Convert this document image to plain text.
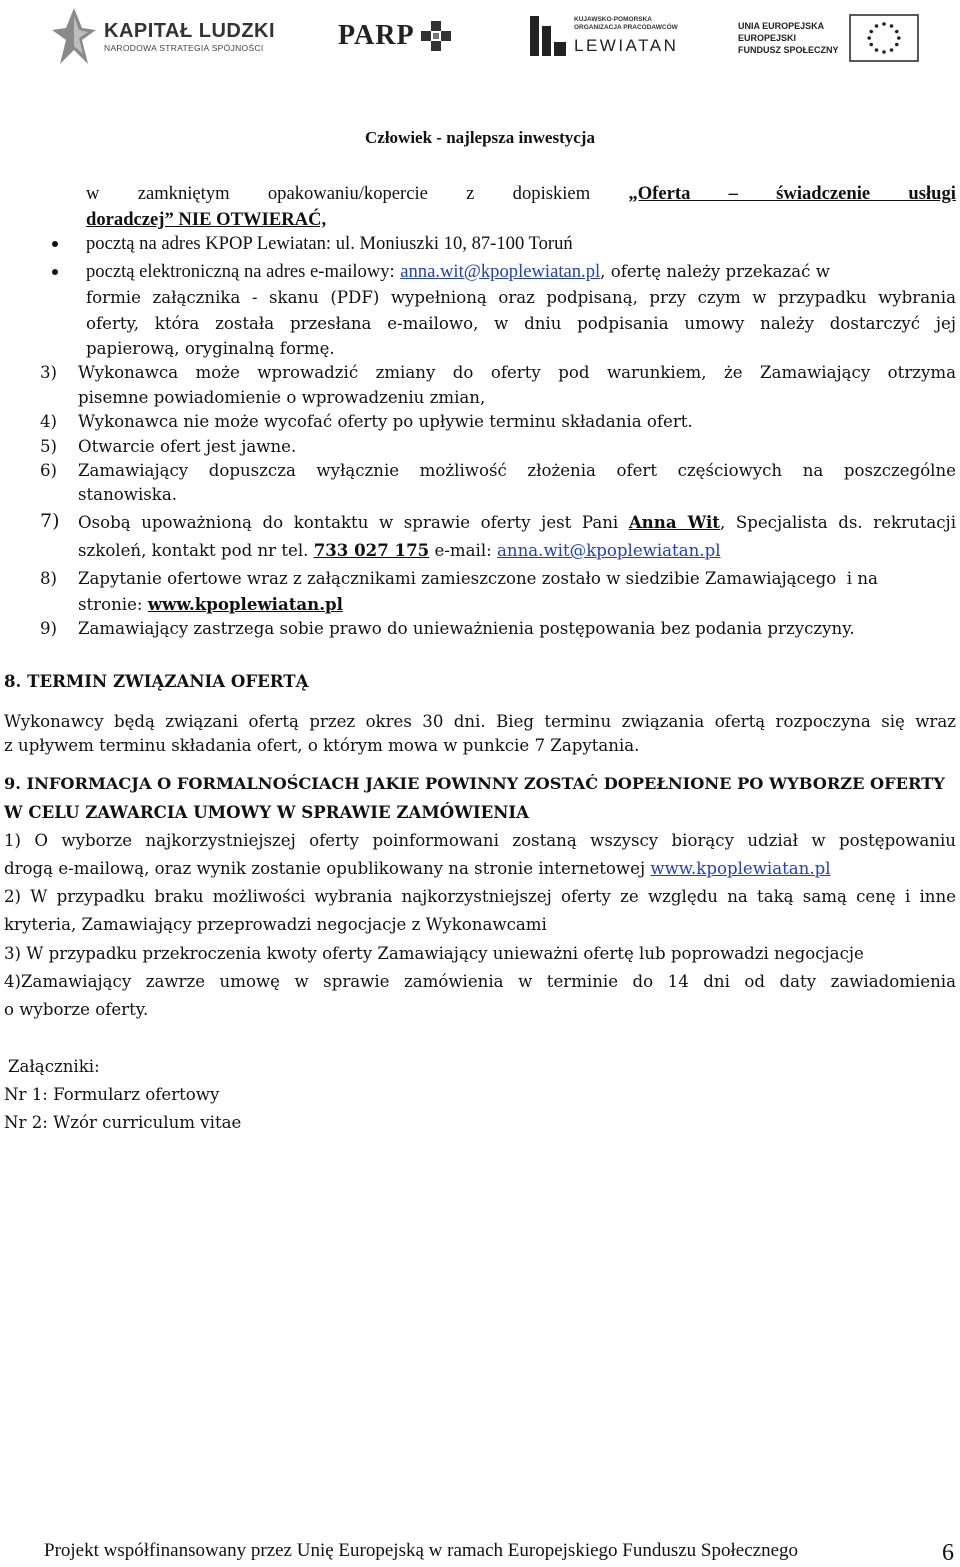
KAPITAŁ LUDZKI
NARODOWA STRATEGIA SPÓJNOŚCI	PARP
KUJAWSKO-POMORSKA
ORGANIZACJA PRACODAWCÓW
LEWIATAN
UNIA EUROPEJSKA
EUROPEJSKI
FUNDUSZ SPOŁECZNY
Człowiek - najlepsza inwestycja
w zamkniętym opakowaniu/kopercie z dopiskiem „Oferta – świadczenie usługi
doradczej” NIE OTWIERAĆ,
pocztą na adres KPOP Lewiatan: ul. Moniuszki 10, 87-100 Toruń
pocztą elektroniczną na adres e-mailowy: anna.wit@kpoplewiatan.pl, ofertę należy przekazać w
formie załącznika - skanu (PDF) wypełnioną oraz podpisaną, przy czym w przypadku wybrania
oferty, która została przesłana e-mailowo, w dniu podpisania umowy należy dostarczyć jej
papierową, oryginalną formę.
3) Wykonawca może wprowadzić zmiany do oferty pod warunkiem, że Zamawiający otrzyma
pisemne powiadomienie o wprowadzeniu zmian,
4) Wykonawca nie może wycofać oferty po upływie terminu składania ofert.
5) Otwarcie ofert jest jawne.
6) Zamawiający dopuszcza wyłącznie możliwość złożenia ofert częściowych na poszczególne
stanowiska.
7) Osobą upoważnioną do kontaktu w sprawie oferty jest Pani Anna Wit, Specjalista ds. rekrutacji
szkoleń, kontakt pod nr tel. 733 027 175 e-mail: anna.wit@kpoplewiatan.pl
8) Zapytanie ofertowe wraz z załącznikami zamieszczone zostało w siedzibie Zamawiającego  i na
stronie: www.kpoplewiatan.pl
9) Zamawiający zastrzega sobie prawo do unieważnienia postępowania bez podania przyczyny.
8. TERMIN ZWIĄZANIA OFERTĄ
Wykonawcy będą związani ofertą przez okres 30 dni. Bieg terminu związania ofertą rozpoczyna się wraz
z upływem terminu składania ofert, o którym mowa w punkcie 7 Zapytania.
9. INFORMACJA O FORMALNOŚCIACH JAKIE POWINNY ZOSTAĆ DOPEŁNIONE PO WYBORZE OFERTY
W CELU ZAWARCIA UMOWY W SPRAWIE ZAMÓWIENIA
1) O wyborze najkorzystniejszej oferty poinformowani zostaną wszyscy biorący udział w postępowaniu
drogą e-mailową, oraz wynik zostanie opublikowany na stronie internetowej www.kpoplewiatan.pl
2) W przypadku braku możliwości wybrania najkorzystniejszej oferty ze względu na taką samą cenę i inne
kryteria, Zamawiający przeprowadzi negocjacje z Wykonawcami
3) W przypadku przekroczenia kwoty oferty Zamawiający unieważni ofertę lub poprowadzi negocjacje
4)Zamawiający zawrze umowę w sprawie zamówienia w terminie do 14 dni od daty zawiadomienia
o wyborze oferty.
Załączniki:
Nr 1: Formularz ofertowy
Nr 2: Wzór curriculum vitae
Projekt współfinansowany przez Unię Europejską w ramach Europejskiego Funduszu Społecznego	6
